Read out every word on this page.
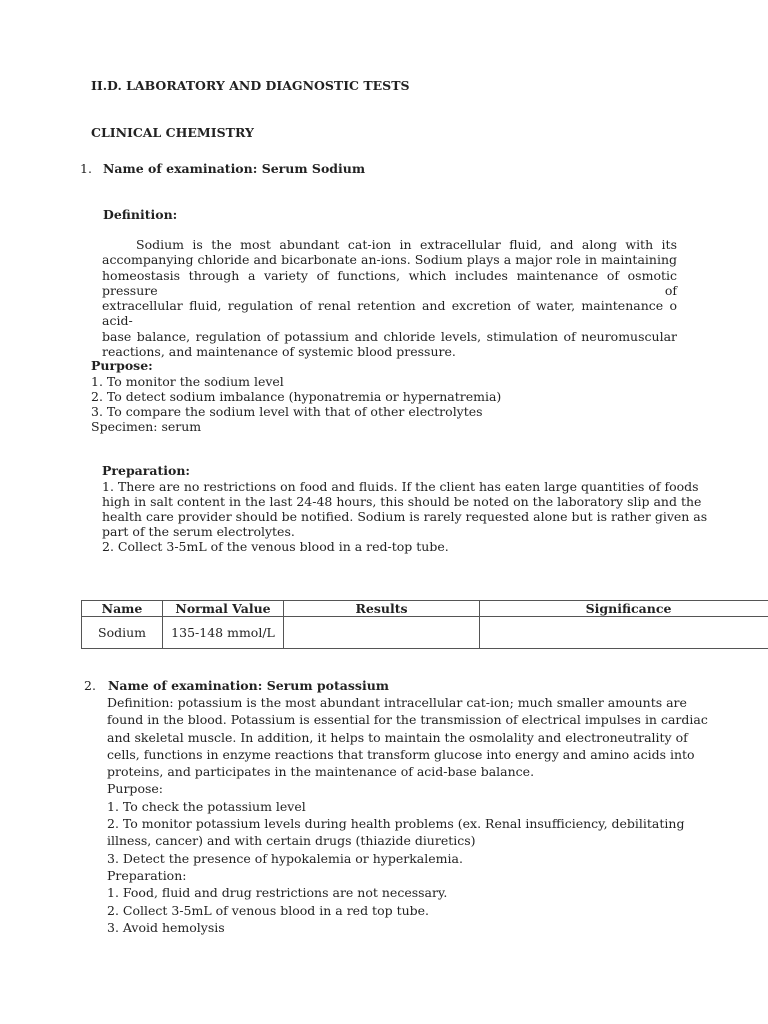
II.D. LABORATORY AND DIAGNOSTIC TESTS
CLINICAL CHEMISTRY
1. Name of examination: Serum Sodium
Definition:
Sodium is the most abundant cat-ion in extracellular fluid, and along with its
accompanying chloride and bicarbonate an-ions. Sodium plays a major role in maintaining
homeostasis through a variety of functions, which includes maintenance of osmotic pressure of
extracellular fluid, regulation of renal retention and excretion of water, maintenance o acid-
base balance, regulation of potassium and chloride levels, stimulation of neuromuscular
reactions, and maintenance of systemic blood pressure.
Purpose:
1. To monitor the sodium level
2. To detect sodium imbalance (hyponatremia or hypernatremia)
3. To compare the sodium level with that of other electrolytes
Specimen: serum
Preparation:
1. There are no restrictions on food and fluids. If the client has eaten large quantities of foods
high in salt content in the last 24-48 hours, this should be noted on the laboratory slip and the
health care provider should be notified. Sodium is rarely requested alone but is rather given as
part of the serum electrolytes.
2. Collect 3-5mL of the venous blood in a red-top tube.
Name	Normal Value	Results	Significance
Sodium	135-148 mmol/L		
2. Name of examination: Serum potassium
Definition: potassium is the most abundant intracellular cat-ion; much smaller amounts are
found in the blood. Potassium is essential for the transmission of electrical impulses in cardiac
and skeletal muscle. In addition, it helps to maintain the osmolality and electroneutrality of
cells, functions in enzyme reactions that transform glucose into energy and amino acids into
proteins, and participates in the maintenance of acid-base balance.
Purpose:
1. To check the potassium level
2. To monitor potassium levels during health problems (ex. Renal insufficiency, debilitating
illness, cancer) and with certain drugs (thiazide diuretics)
3. Detect the presence of hypokalemia or hyperkalemia.
Preparation:
1. Food, fluid and drug restrictions are not necessary.
2. Collect 3-5mL of venous blood in a red top tube.
3. Avoid hemolysis
